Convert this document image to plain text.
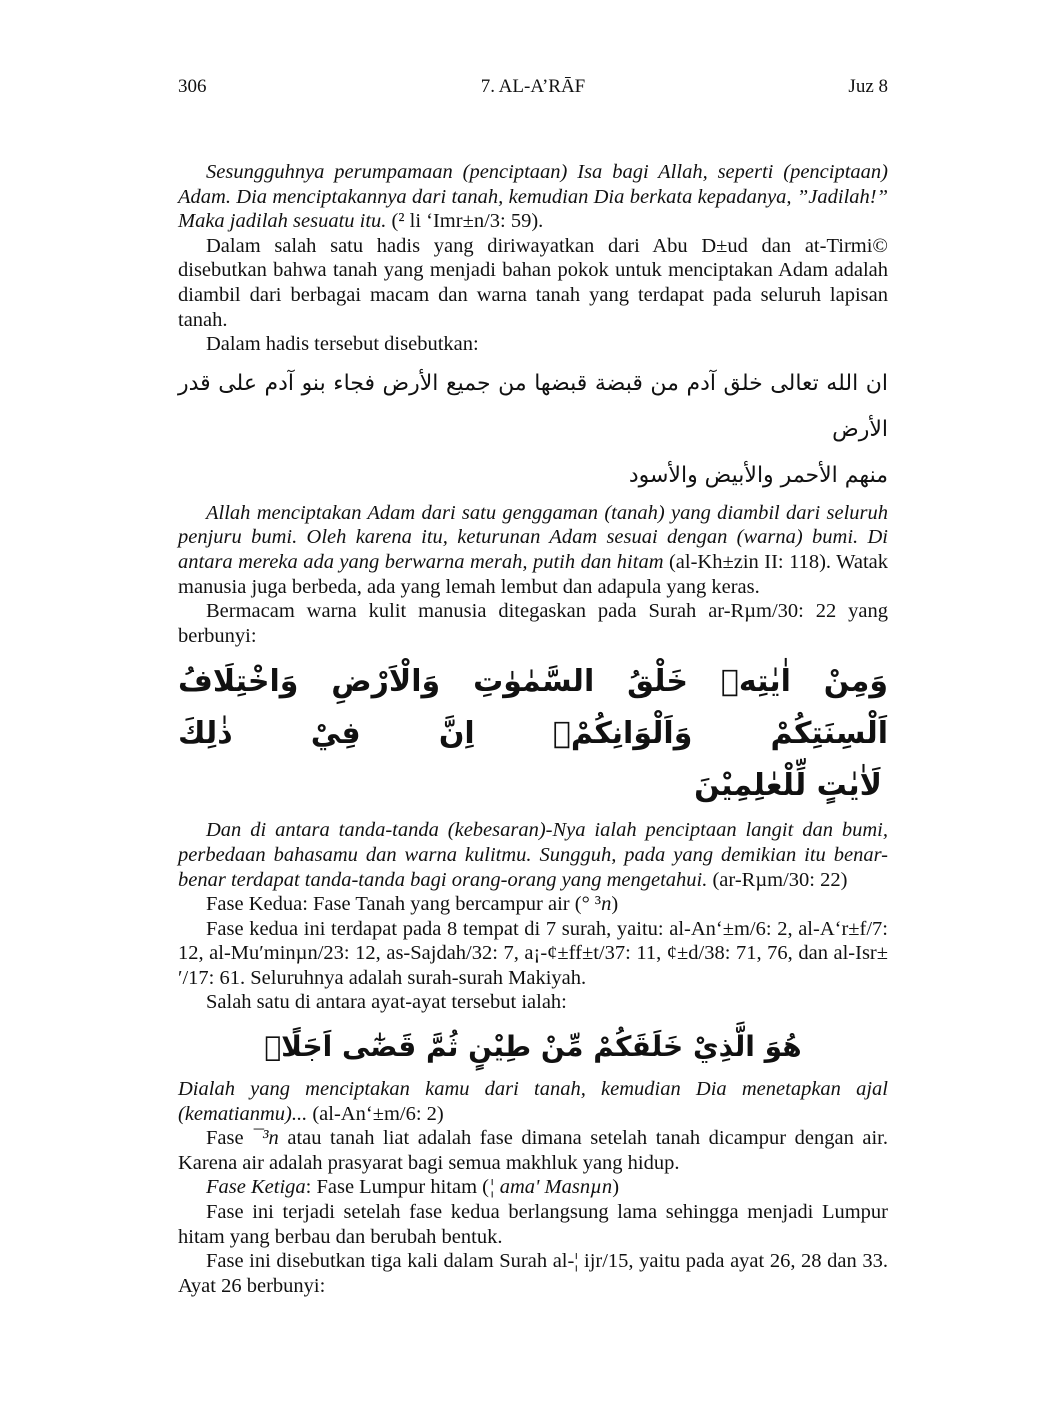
306	7. AL-A’RĀF	Juz 8

Sesungguhnya perumpamaan (penciptaan) Isa bagi Allah, seperti (penciptaan) Adam. Dia menciptakannya dari tanah, kemudian Dia berkata kepadanya, ”Jadilah!” Maka jadilah sesuatu itu. (² li ‘Imr±n/3: 59).

Dalam salah satu hadis yang diriwayatkan dari Abu D±ud dan at-Tirmi© disebutkan bahwa tanah yang menjadi bahan pokok untuk menciptakan Adam adalah diambil dari berbagai macam dan warna tanah yang terdapat pada seluruh lapisan tanah.

Dalam hadis tersebut disebutkan:

ان الله تعالى خلق آدم من قبضة قبضها من جميع الأرض فجاء بنو آدم على قدر الأرض
منهم الأحمر والأبيض والأسود

Allah menciptakan Adam dari satu genggaman (tanah) yang diambil dari seluruh penjuru bumi. Oleh karena itu, keturunan Adam sesuai dengan (warna) bumi. Di antara mereka ada yang berwarna merah, putih dan hitam (al-Kh±zin II: 118). Watak manusia juga berbeda, ada yang lemah lembut dan adapula yang keras.

Bermacam warna kulit manusia ditegaskan pada Surah ar-Rµm/30: 22 yang berbunyi:

وَمِنْ اٰيٰتِهٖ خَلْقُ السَّمٰوٰتِ وَالْاَرْضِ وَاخْتِلَافُ اَلْسِنَتِكُمْ وَاَلْوَانِكُمْۗ اِنَّ فِيْ ذٰلِكَ
لَاٰيٰتٍ لِّلْعٰلِمِيْنَ

Dan di antara tanda-tanda (kebesaran)-Nya ialah penciptaan langit dan bumi, perbedaan bahasamu dan warna kulitmu. Sungguh, pada yang demikian itu benar-benar terdapat tanda-tanda bagi orang-orang yang mengetahui. (ar-Rµm/30: 22)

Fase Kedua: Fase Tanah yang bercampur air (° ³n)

Fase kedua ini terdapat pada 8 tempat di 7 surah, yaitu: al-An‘±m/6: 2, al-A‘r±f/7: 12, al-Mu′minµn/23: 12, as-Sajdah/32: 7, a¡-¢±ff±t/37: 11, ¢±d/38: 71, 76, dan al-Isr±′/17: 61. Seluruhnya adalah surah-surah Makiyah.

Salah satu di antara ayat-ayat tersebut ialah:

هُوَ الَّذِيْ خَلَقَكُمْ مِّنْ طِيْنٍ ثُمَّ قَضٰٓى اَجَلًاۗ

Dialah yang menciptakan kamu dari tanah, kemudian Dia menetapkan ajal (kematianmu)... (al-An‘±m/6: 2)

Fase ¯³n atau tanah liat adalah fase dimana setelah tanah dicampur dengan air. Karena air adalah prasyarat bagi semua makhluk yang hidup.

Fase Ketiga: Fase Lumpur hitam (¦ ama' Masnµn)

Fase ini terjadi setelah fase kedua berlangsung lama sehingga menjadi Lumpur hitam yang berbau dan berubah bentuk.

Fase ini disebutkan tiga kali dalam Surah al-¦ ijr/15, yaitu pada ayat 26, 28 dan 33. Ayat 26 berbunyi:
